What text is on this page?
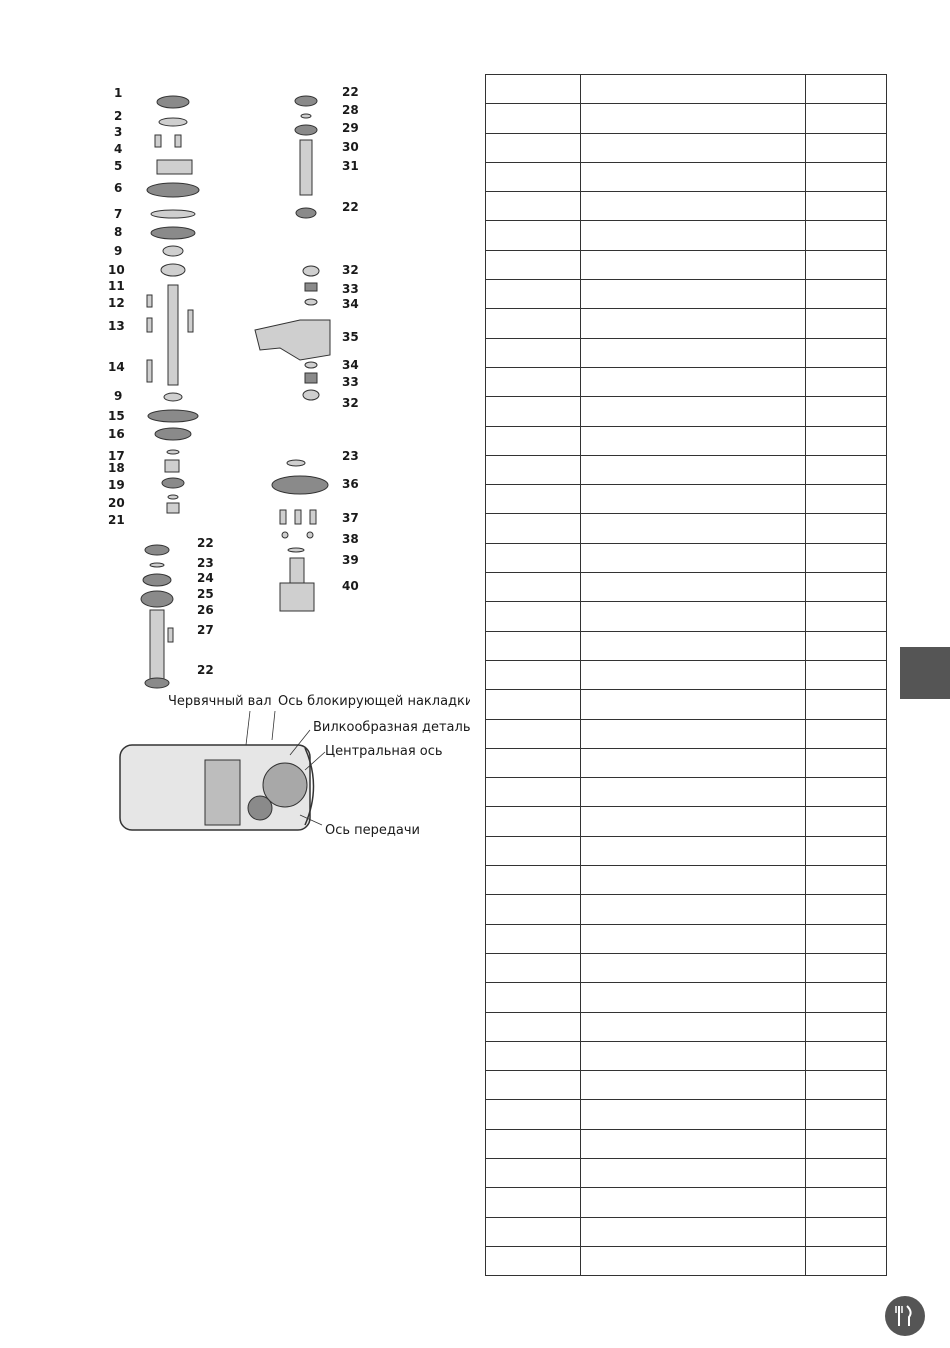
1
2
3
4
5
6
7
8
9
10
11
12
13
14
9
15
16
17
18
19
20
21
22
23
24
25
26
27
22
22
28
29
30
31
22
32
33
34
35
34
33
32
23
36
37
38
39
40
Червячный вал Ось блокирующей накладки
Вилкообразная деталь
Центральная ось
Ось передачи
